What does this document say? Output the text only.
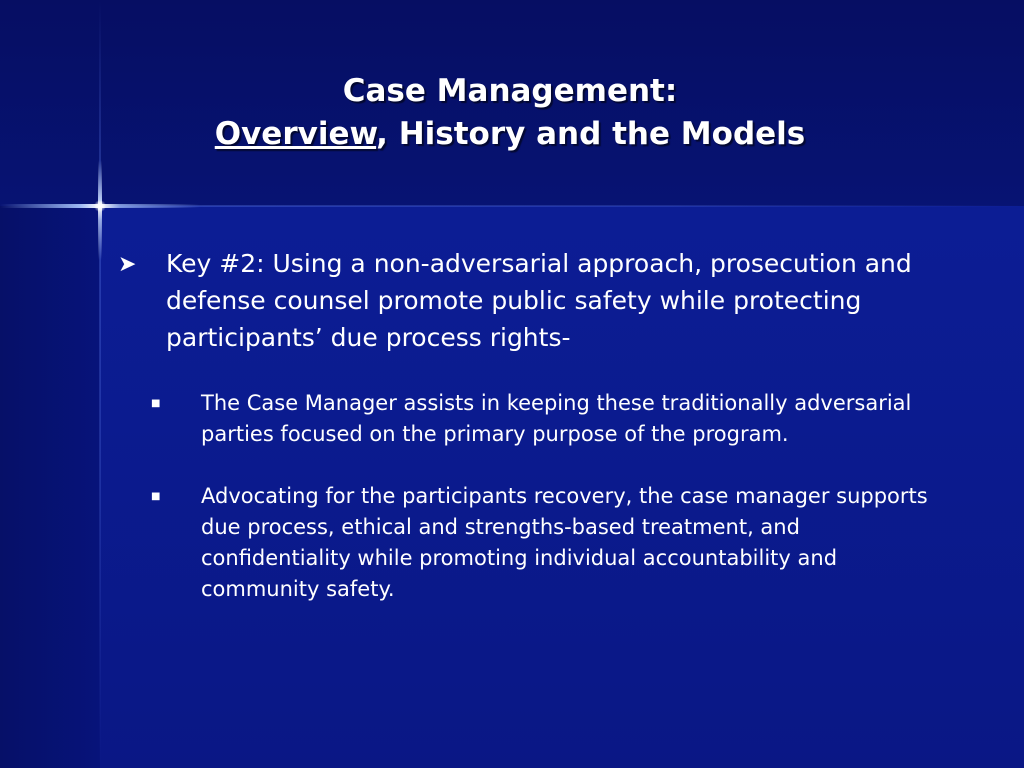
Case Management:
Overview, History and the Models
➤	Key #2: Using a non-adversarial approach, prosecution and defense counsel promote public safety while protecting participants’ due process rights-
■	The Case Manager assists in keeping these traditionally adversarial parties focused on the primary purpose of the program.
■	Advocating for the participants recovery, the case manager supports due process, ethical and strengths-based treatment, and confidentiality while promoting individual accountability and community safety.
